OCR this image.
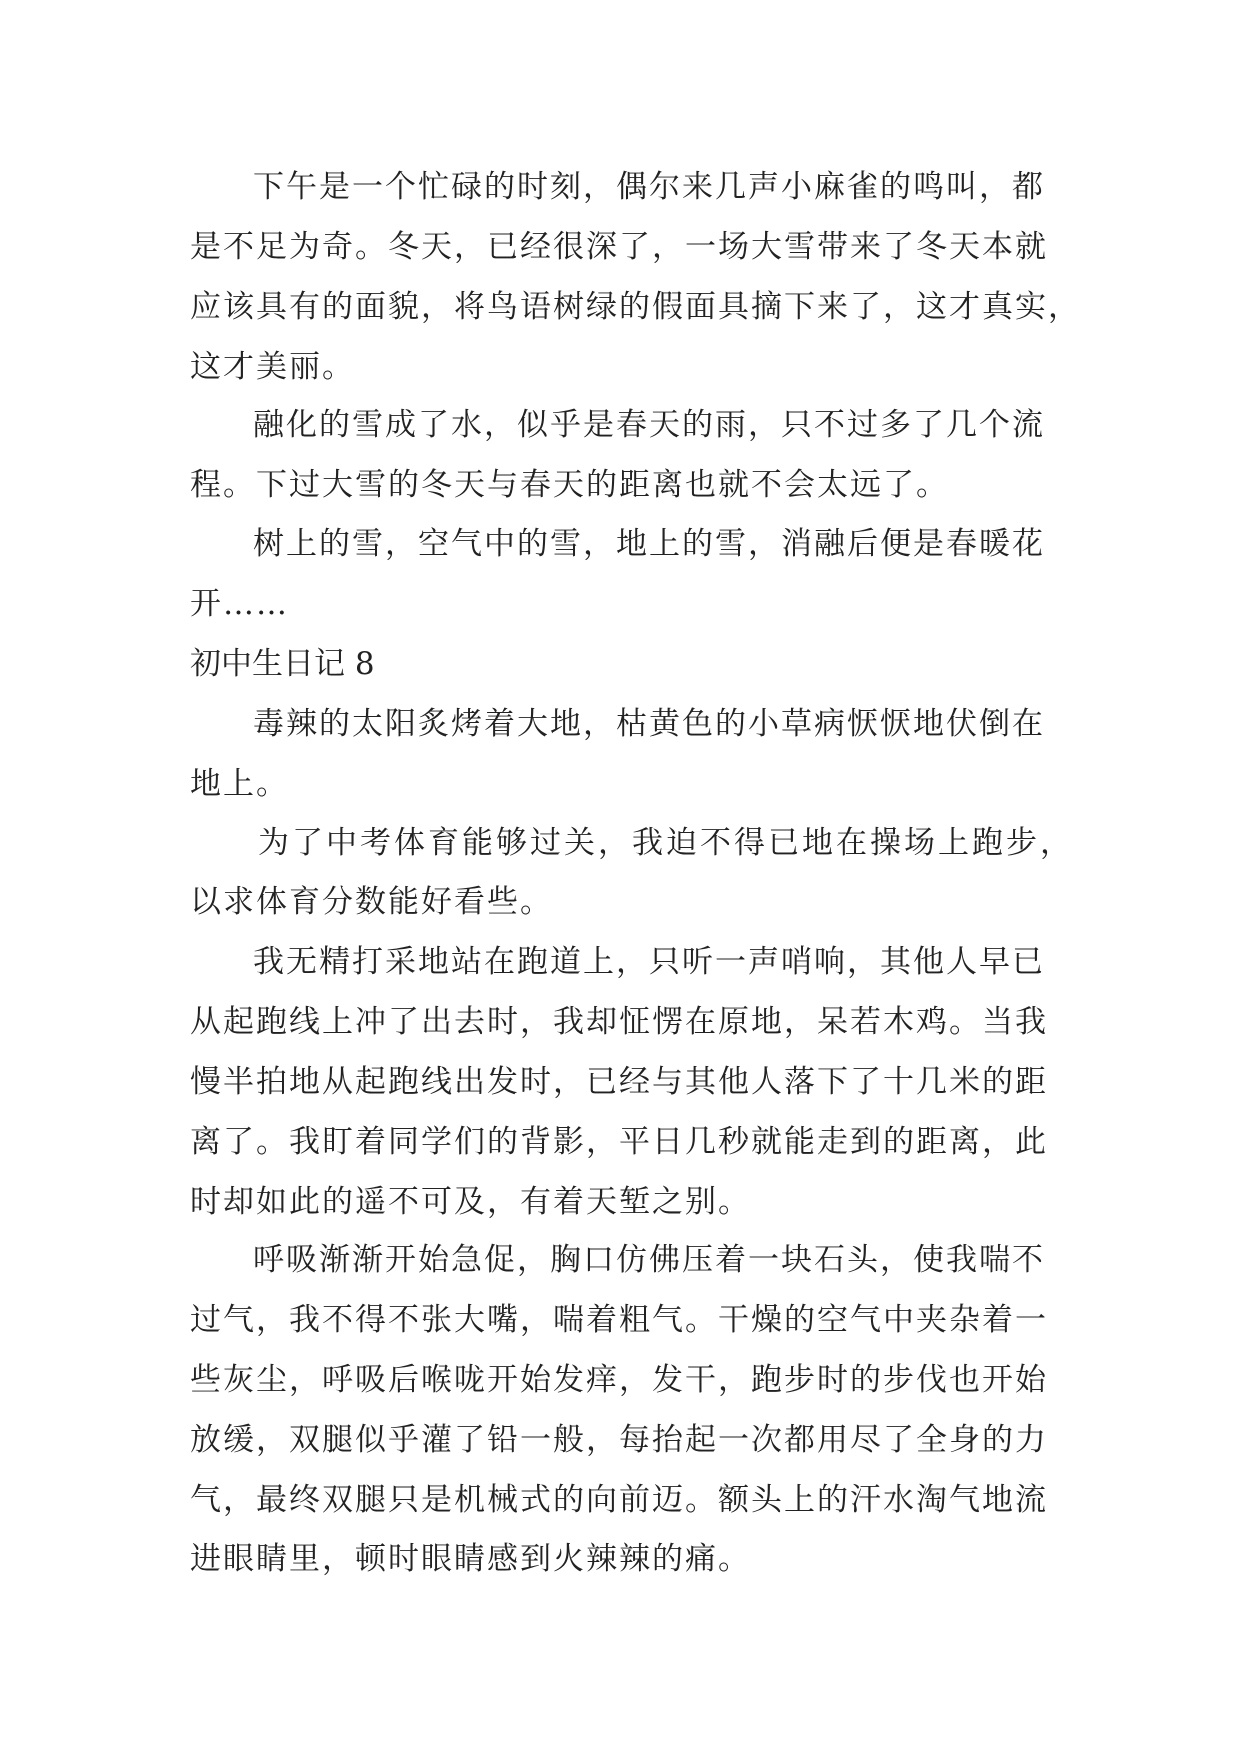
下午是一个忙碌的时刻，偶尔来几声小麻雀的鸣叫，都
是不足为奇。冬天，已经很深了，一场大雪带来了冬天本就
应该具有的面貌，将鸟语树绿的假面具摘下来了，这才真实，
这才美丽。
融化的雪成了水，似乎是春天的雨，只不过多了几个流
程。下过大雪的冬天与春天的距离也就不会太远了。
树上的雪，空气中的雪，地上的雪，消融后便是春暖花
开……
初中生日记 8
毒辣的太阳炙烤着大地，枯黄色的小草病恹恹地伏倒在
地上。
为了中考体育能够过关，我迫不得已地在操场上跑步，
以求体育分数能好看些。
我无精打采地站在跑道上，只听一声哨响，其他人早已
从起跑线上冲了出去时，我却怔愣在原地，呆若木鸡。当我
慢半拍地从起跑线出发时，已经与其他人落下了十几米的距
离了。我盯着同学们的背影，平日几秒就能走到的距离，此
时却如此的遥不可及，有着天堑之别。
呼吸渐渐开始急促，胸口仿佛压着一块石头，使我喘不
过气，我不得不张大嘴，喘着粗气。干燥的空气中夹杂着一
些灰尘，呼吸后喉咙开始发痒，发干，跑步时的步伐也开始
放缓，双腿似乎灌了铅一般，每抬起一次都用尽了全身的力
气，最终双腿只是机械式的向前迈。额头上的汗水淘气地流
进眼睛里，顿时眼睛感到火辣辣的痛。
